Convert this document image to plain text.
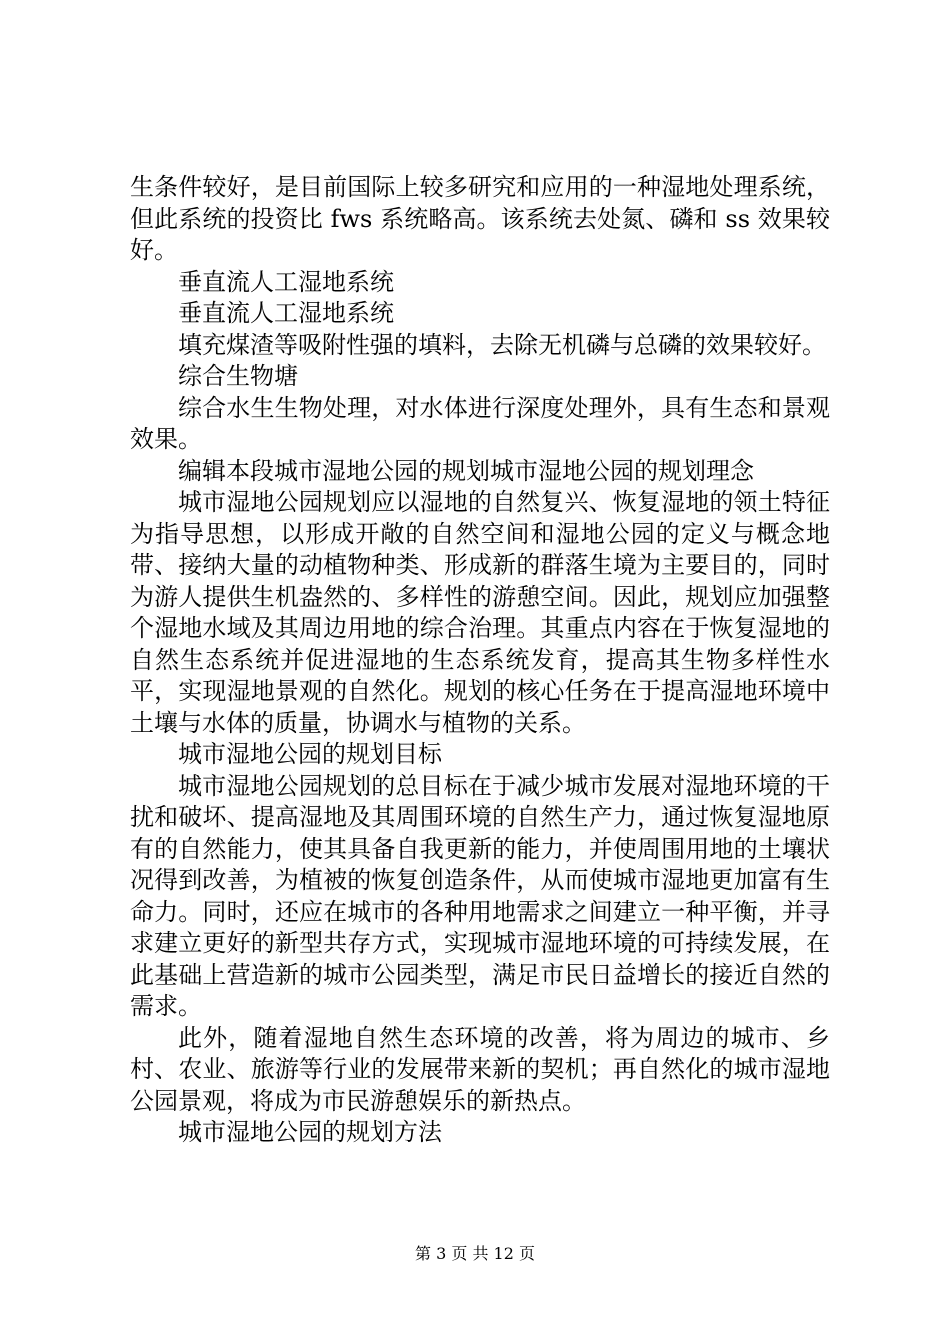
生条件较好，是目前国际上较多研究和应用的一种湿地处理系统，但此系统的投资比 fws 系统略高。该系统去处氮、磷和 ss 效果较好。

垂直流人工湿地系统

垂直流人工湿地系统

填充煤渣等吸附性强的填料，去除无机磷与总磷的效果较好。

综合生物塘

综合水生生物处理，对水体进行深度处理外，具有生态和景观效果。

编辑本段城市湿地公园的规划城市湿地公园的规划理念

城市湿地公园规划应以湿地的自然复兴、恢复湿地的领土特征为指导思想，以形成开敞的自然空间和湿地公园的定义与概念地带、接纳大量的动植物种类、形成新的群落生境为主要目的，同时为游人提供生机盎然的、多样性的游憩空间。因此，规划应加强整个湿地水域及其周边用地的综合治理。其重点内容在于恢复湿地的自然生态系统并促进湿地的生态系统发育，提高其生物多样性水平，实现湿地景观的自然化。规划的核心任务在于提高湿地环境中土壤与水体的质量，协调水与植物的关系。

城市湿地公园的规划目标

城市湿地公园规划的总目标在于减少城市发展对湿地环境的干扰和破坏、提高湿地及其周围环境的自然生产力，通过恢复湿地原有的自然能力，使其具备自我更新的能力，并使周围用地的土壤状况得到改善，为植被的恢复创造条件，从而使城市湿地更加富有生命力。同时，还应在城市的各种用地需求之间建立一种平衡，并寻求建立更好的新型共存方式，实现城市湿地环境的可持续发展，在此基础上营造新的城市公园类型，满足市民日益增长的接近自然的需求。

此外，随着湿地自然生态环境的改善，将为周边的城市、乡村、农业、旅游等行业的发展带来新的契机；再自然化的城市湿地公园景观，将成为市民游憩娱乐的新热点。

城市湿地公园的规划方法

第 3 页 共 12 页
